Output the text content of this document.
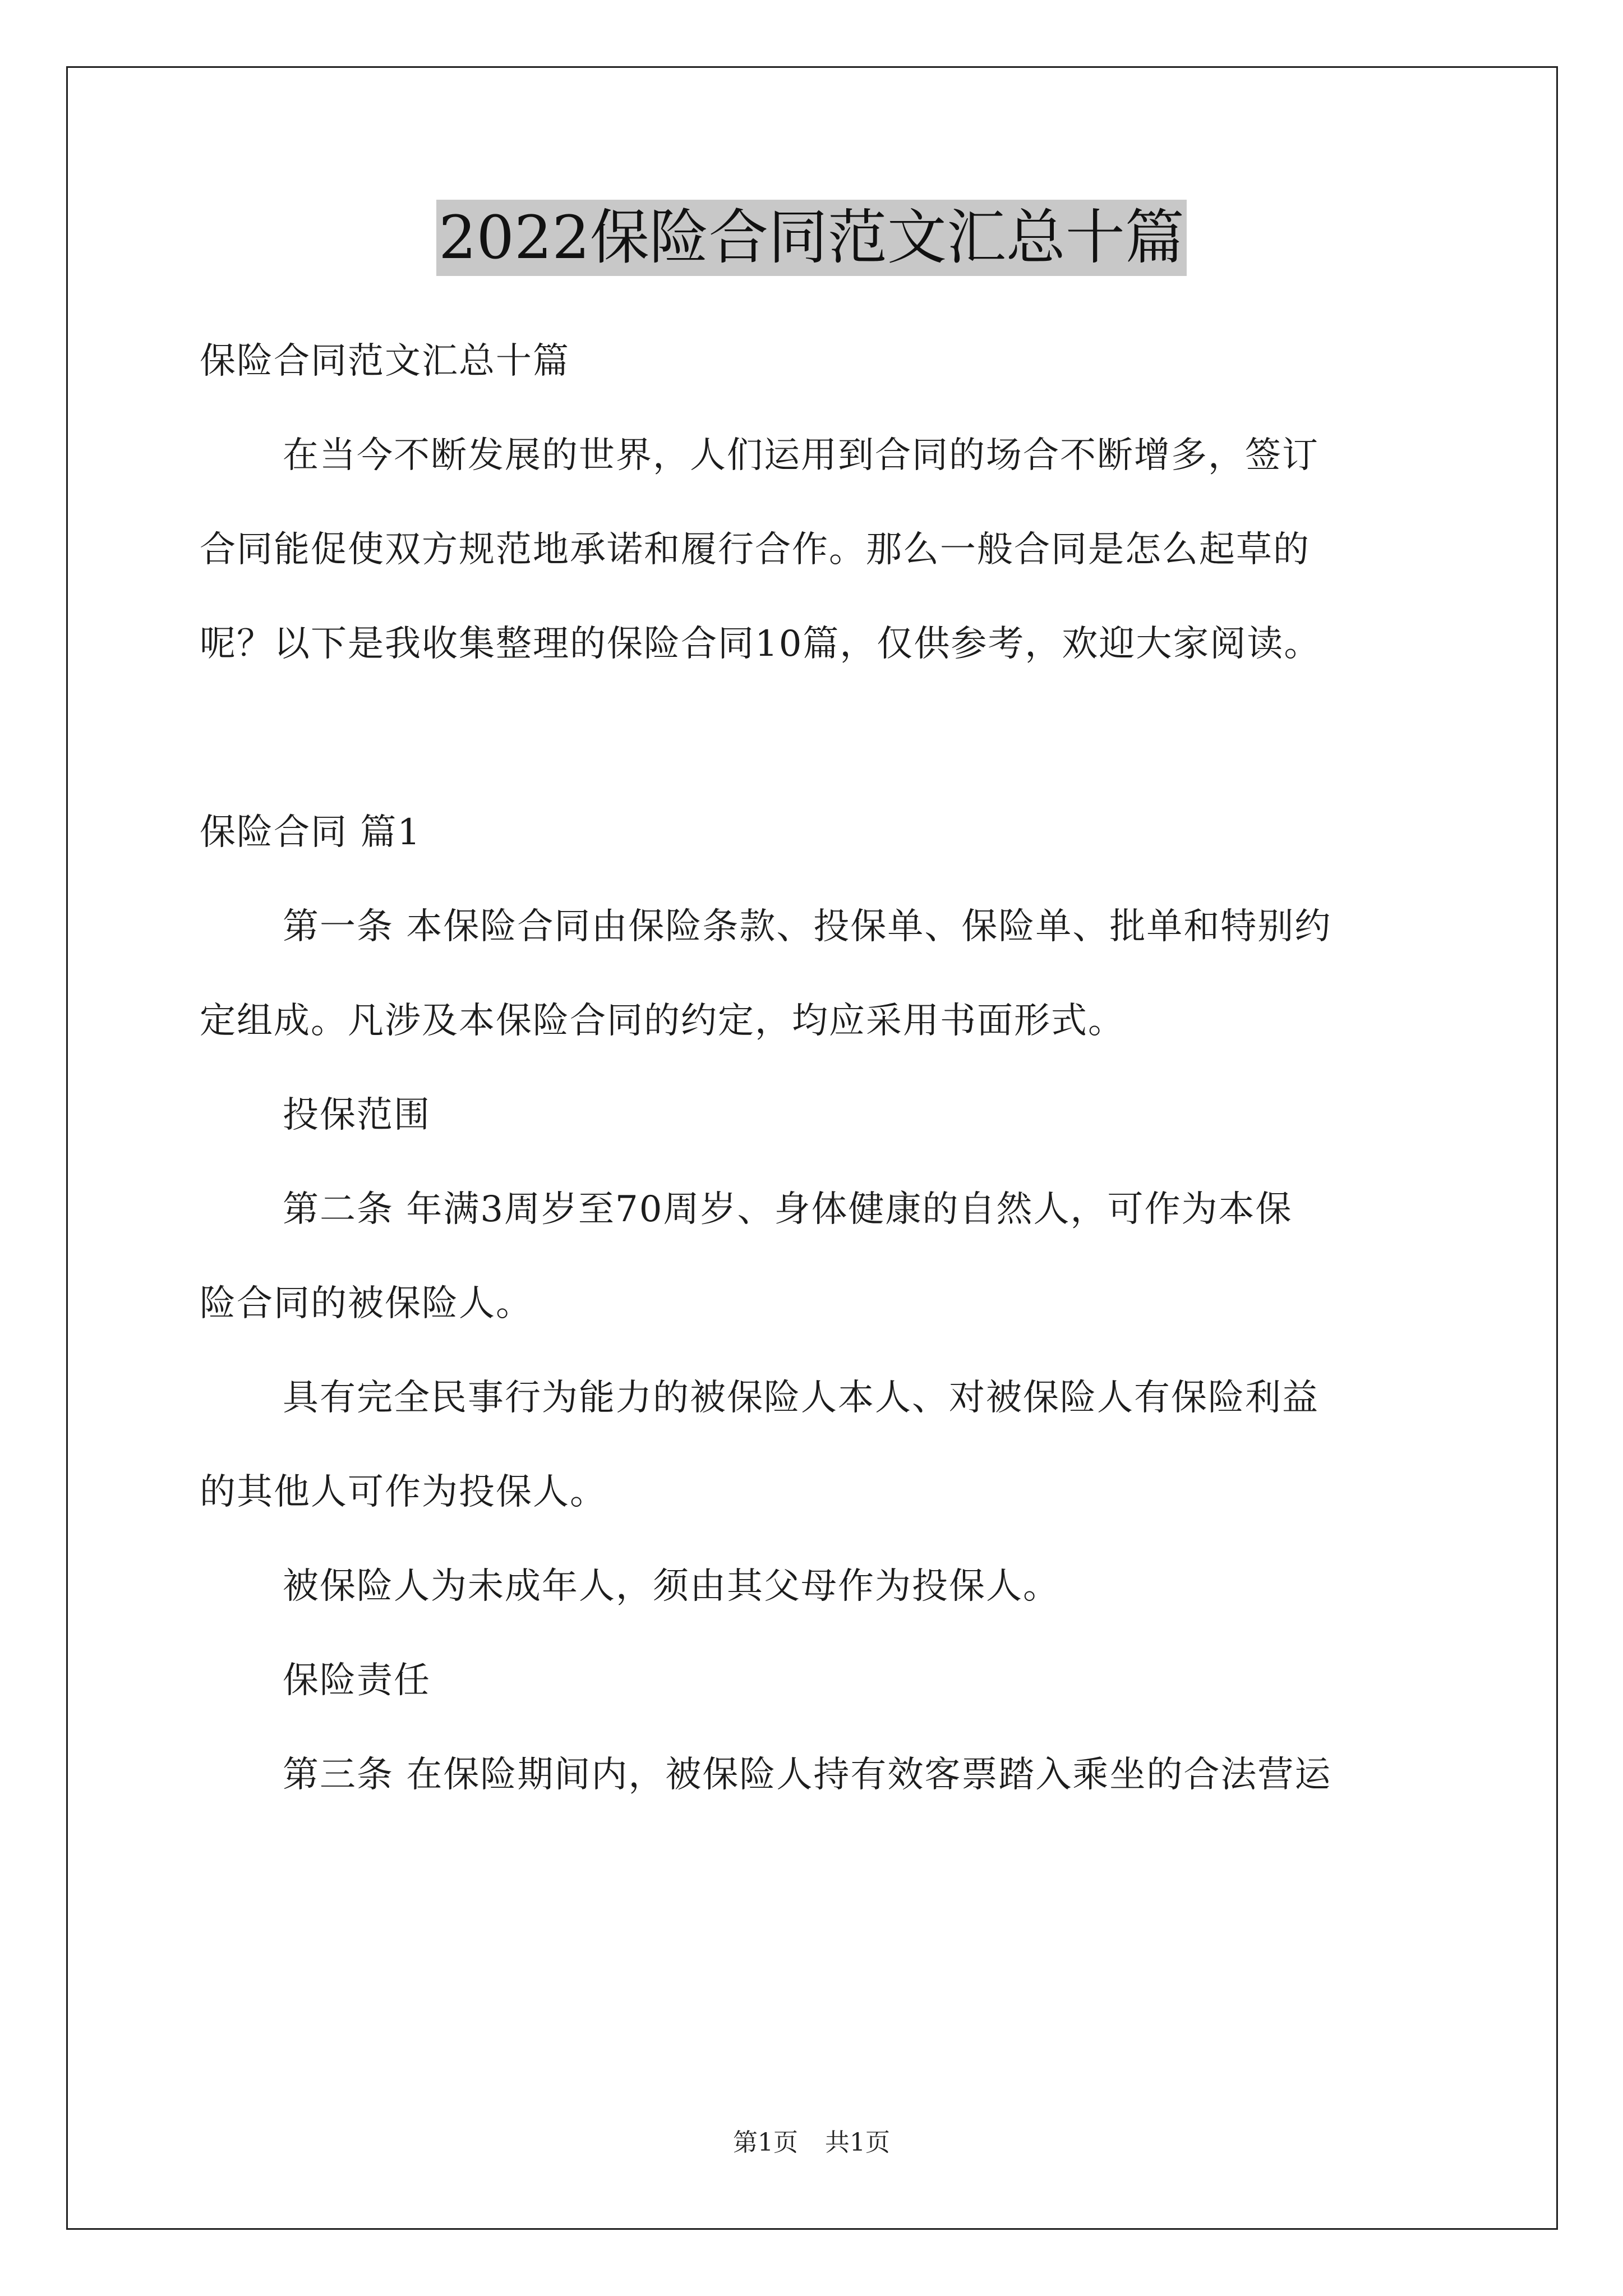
2022保险合同范文汇总十篇

保险合同范文汇总十篇

在当今不断发展的世界，人们运用到合同的场合不断增多，签订

合同能促使双方规范地承诺和履行合作。那么一般合同是怎么起草的

呢？以下是我收集整理的保险合同10篇，仅供参考，欢迎大家阅读。

保险合同 篇1

第一条 本保险合同由保险条款、投保单、保险单、批单和特别约

定组成。凡涉及本保险合同的约定，均应采用书面形式。

投保范围

第二条 年满3周岁至70周岁、身体健康的自然人，可作为本保

险合同的被保险人。

具有完全民事行为能力的被保险人本人、对被保险人有保险利益

的其他人可作为投保人。

被保险人为未成年人，须由其父母作为投保人。

保险责任

第三条 在保险期间内，被保险人持有效客票踏入乘坐的合法营运

第1页 共1页
